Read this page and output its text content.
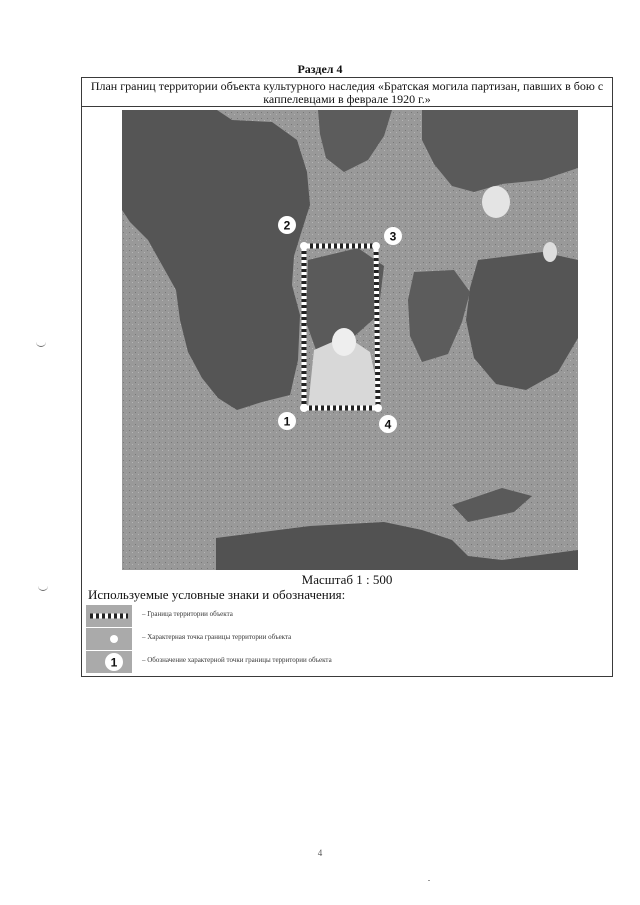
Раздел 4
План границ территории объекта культурного наследия «Братская могила партизан, павших в бою с каппелевцами в феврале 1920 г.»
1
2
3
4
Масштаб 1 : 500
Используемые условные знаки и обозначения:
– Граница территории объекта
– Характерная точка границы территории объекта
1	– Обозначение характерной точки границы территории объекта
4
